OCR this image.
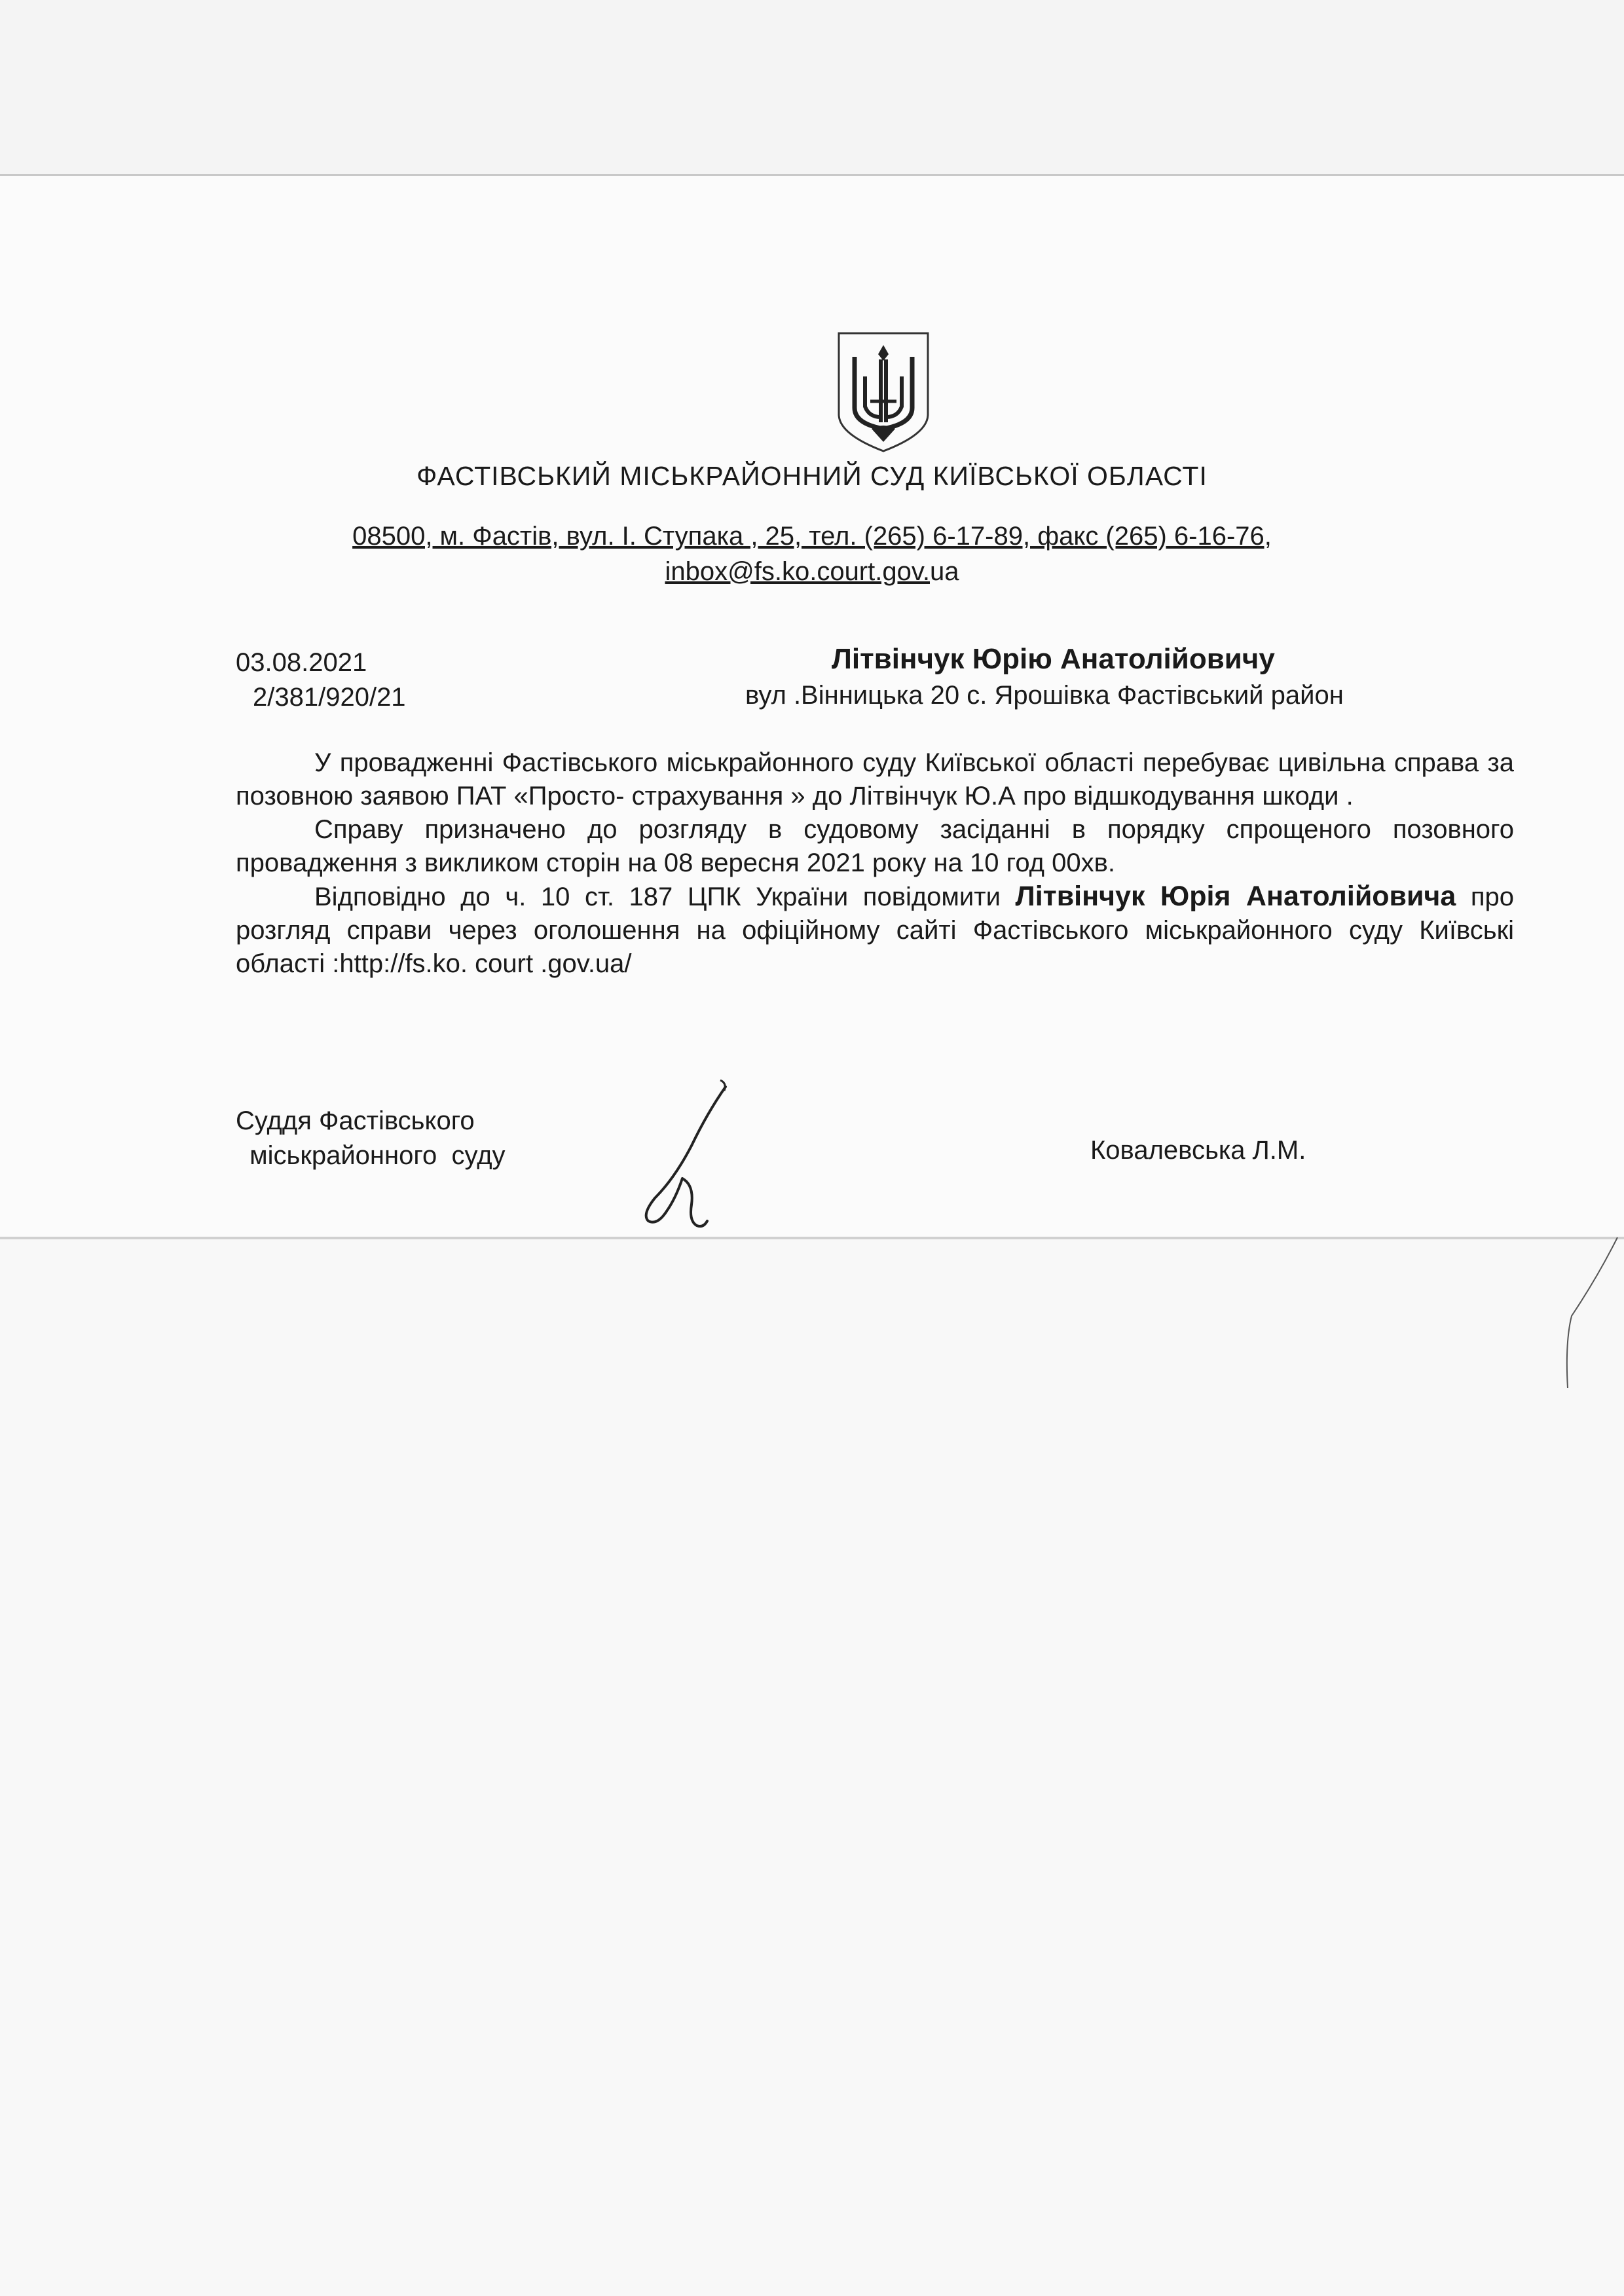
ФАСТІВСЬКИЙ МІСЬКРАЙОННИЙ СУД КИЇВСЬКОЇ ОБЛАСТІ
08500, м. Фастів, вул. І. Ступака , 25, тел. (265) 6-17-89, факс (265) 6-16-76,
inbox@fs.ko.court.gov.ua
03.08.2021
2/381/920/21
Літвінчук Юрію Анатолійовичу
вул .Вінницька 20 с. Ярошівка Фастівський район

У провадженні Фастівського міськрайонного суду Київської області перебуває цивільна справа за позовною заявою ПАТ «Просто- страхування » до Літвінчук Ю.А про відшкодування шкоди .

Справу призначено до розгляду в судовому засіданні в порядку спрощеного позовного провадження з викликом сторін на 08 вересня 2021 року на 10 год 00хв.

Відповідно до ч. 10 ст. 187 ЦПК України повідомити Літвінчук Юрія Анатолійовича про розгляд справи через оголошення на офіційному сайті Фастівського міськрайонного суду Київські області :http://fs.ko. court .gov.ua/

Суддя Фастівського
міськрайонного  суду	Ковалевська Л.М.
